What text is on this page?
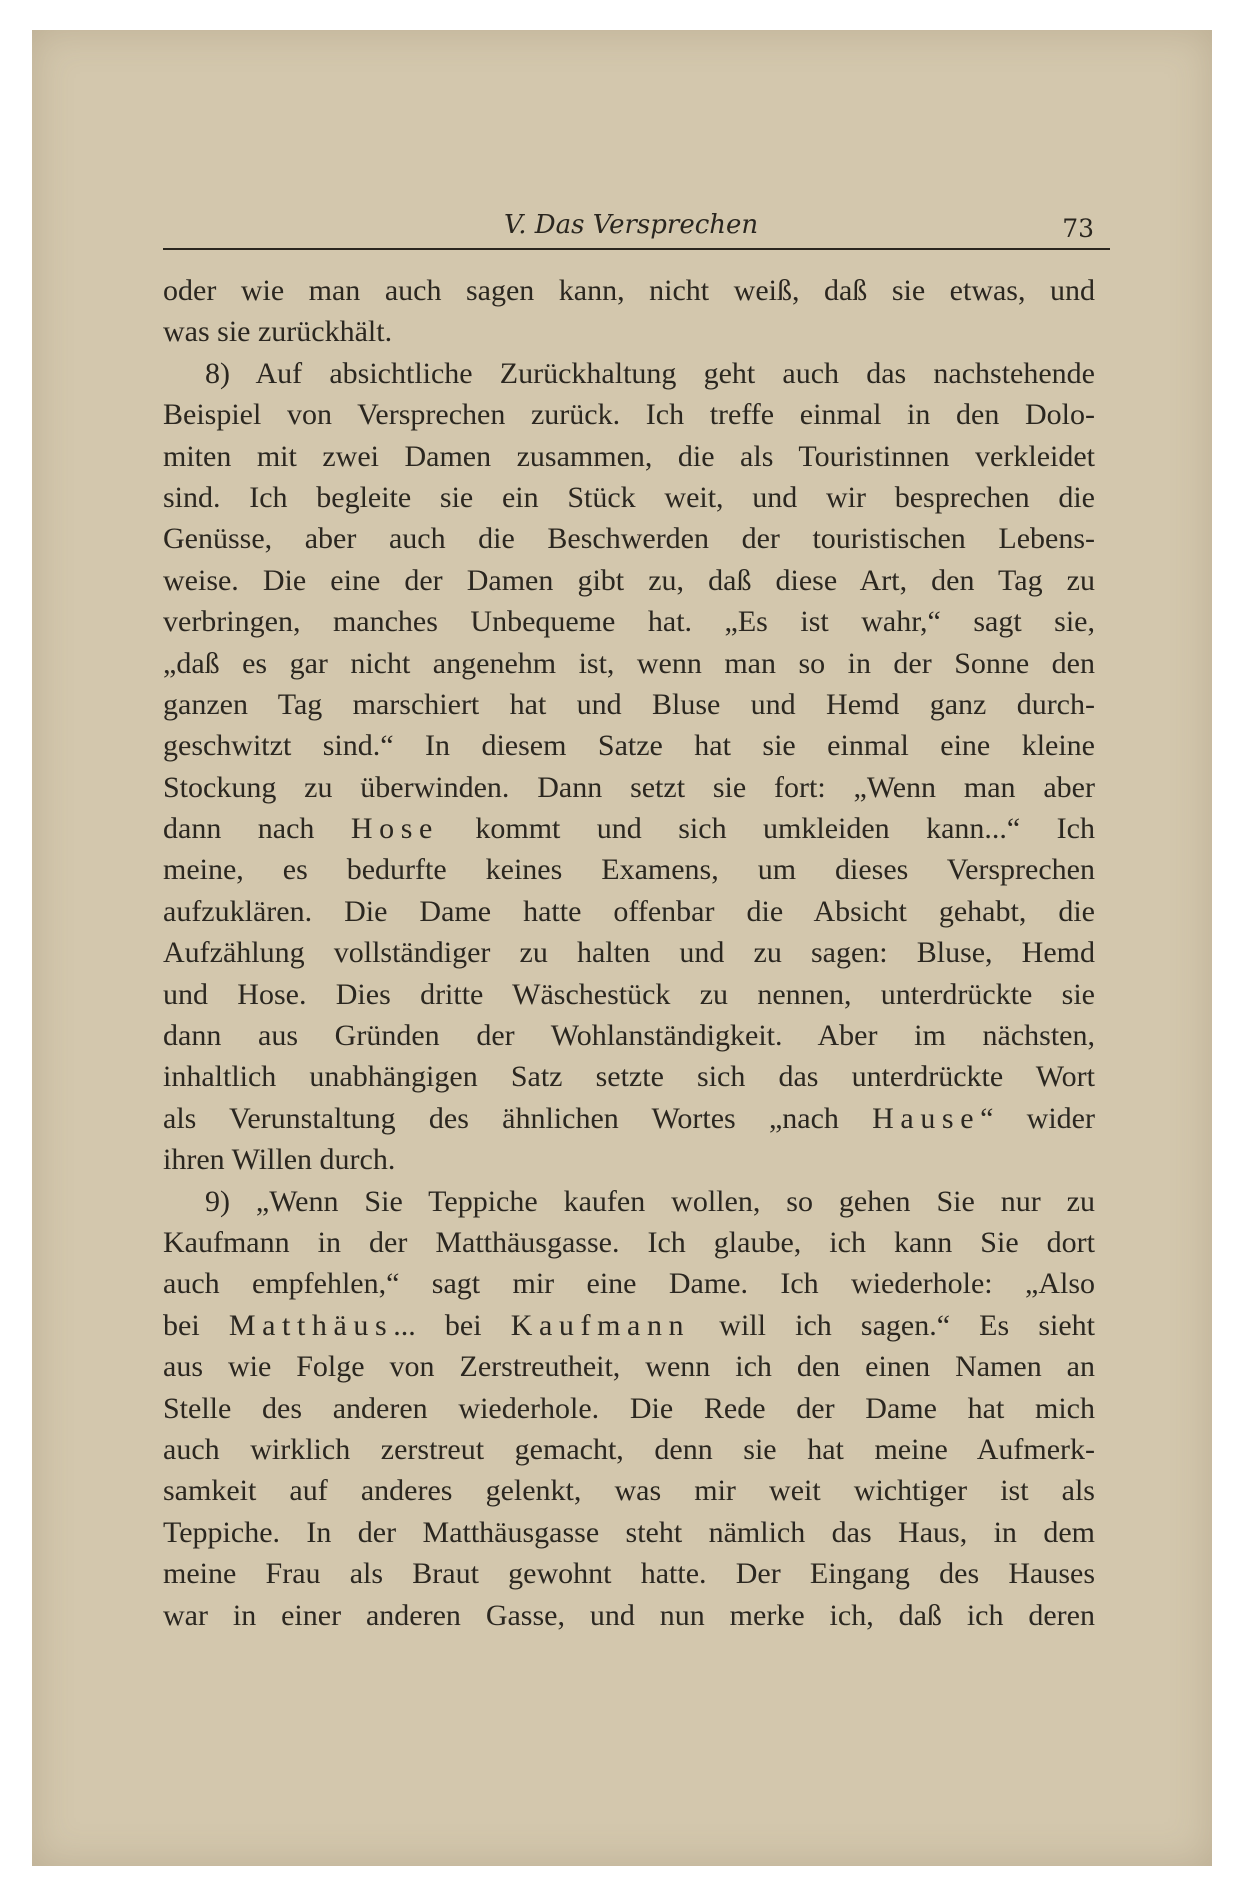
V. Das Versprechen	73
oder wie man auch sagen kann, nicht weiß, daß sie etwas, und
was sie zurückhält.
8) Auf absichtliche Zurückhaltung geht auch das nachstehende
Beispiel von Versprechen zurück. Ich treffe einmal in den Dolo-
miten mit zwei Damen zusammen, die als Touristinnen verkleidet
sind. Ich begleite sie ein Stück weit, und wir besprechen die
Genüsse, aber auch die Beschwerden der touristischen Lebens-
weise. Die eine der Damen gibt zu, daß diese Art, den Tag zu
verbringen, manches Unbequeme hat. „Es ist wahr,“ sagt sie,
„daß es gar nicht angenehm ist, wenn man so in der Sonne den
ganzen Tag marschiert hat und Bluse und Hemd ganz durch-
geschwitzt sind.“ In diesem Satze hat sie einmal eine kleine
Stockung zu überwinden. Dann setzt sie fort: „Wenn man aber
dann nach Hose kommt und sich umkleiden kann...“ Ich
meine, es bedurfte keines Examens, um dieses Versprechen
aufzuklären. Die Dame hatte offenbar die Absicht gehabt, die
Aufzählung vollständiger zu halten und zu sagen: Bluse, Hemd
und Hose. Dies dritte Wäschestück zu nennen, unterdrückte sie
dann aus Gründen der Wohlanständigkeit. Aber im nächsten,
inhaltlich unabhängigen Satz setzte sich das unterdrückte Wort
als Verunstaltung des ähnlichen Wortes „nach Hause“ wider
ihren Willen durch.
9) „Wenn Sie Teppiche kaufen wollen, so gehen Sie nur zu
Kaufmann in der Matthäusgasse. Ich glaube, ich kann Sie dort
auch empfehlen,“ sagt mir eine Dame. Ich wiederhole: „Also
bei Matthäus... bei Kaufmann will ich sagen.“ Es sieht
aus wie Folge von Zerstreutheit, wenn ich den einen Namen an
Stelle des anderen wiederhole. Die Rede der Dame hat mich
auch wirklich zerstreut gemacht, denn sie hat meine Aufmerk-
samkeit auf anderes gelenkt, was mir weit wichtiger ist als
Teppiche. In der Matthäusgasse steht nämlich das Haus, in dem
meine Frau als Braut gewohnt hatte. Der Eingang des Hauses
war in einer anderen Gasse, und nun merke ich, daß ich deren
